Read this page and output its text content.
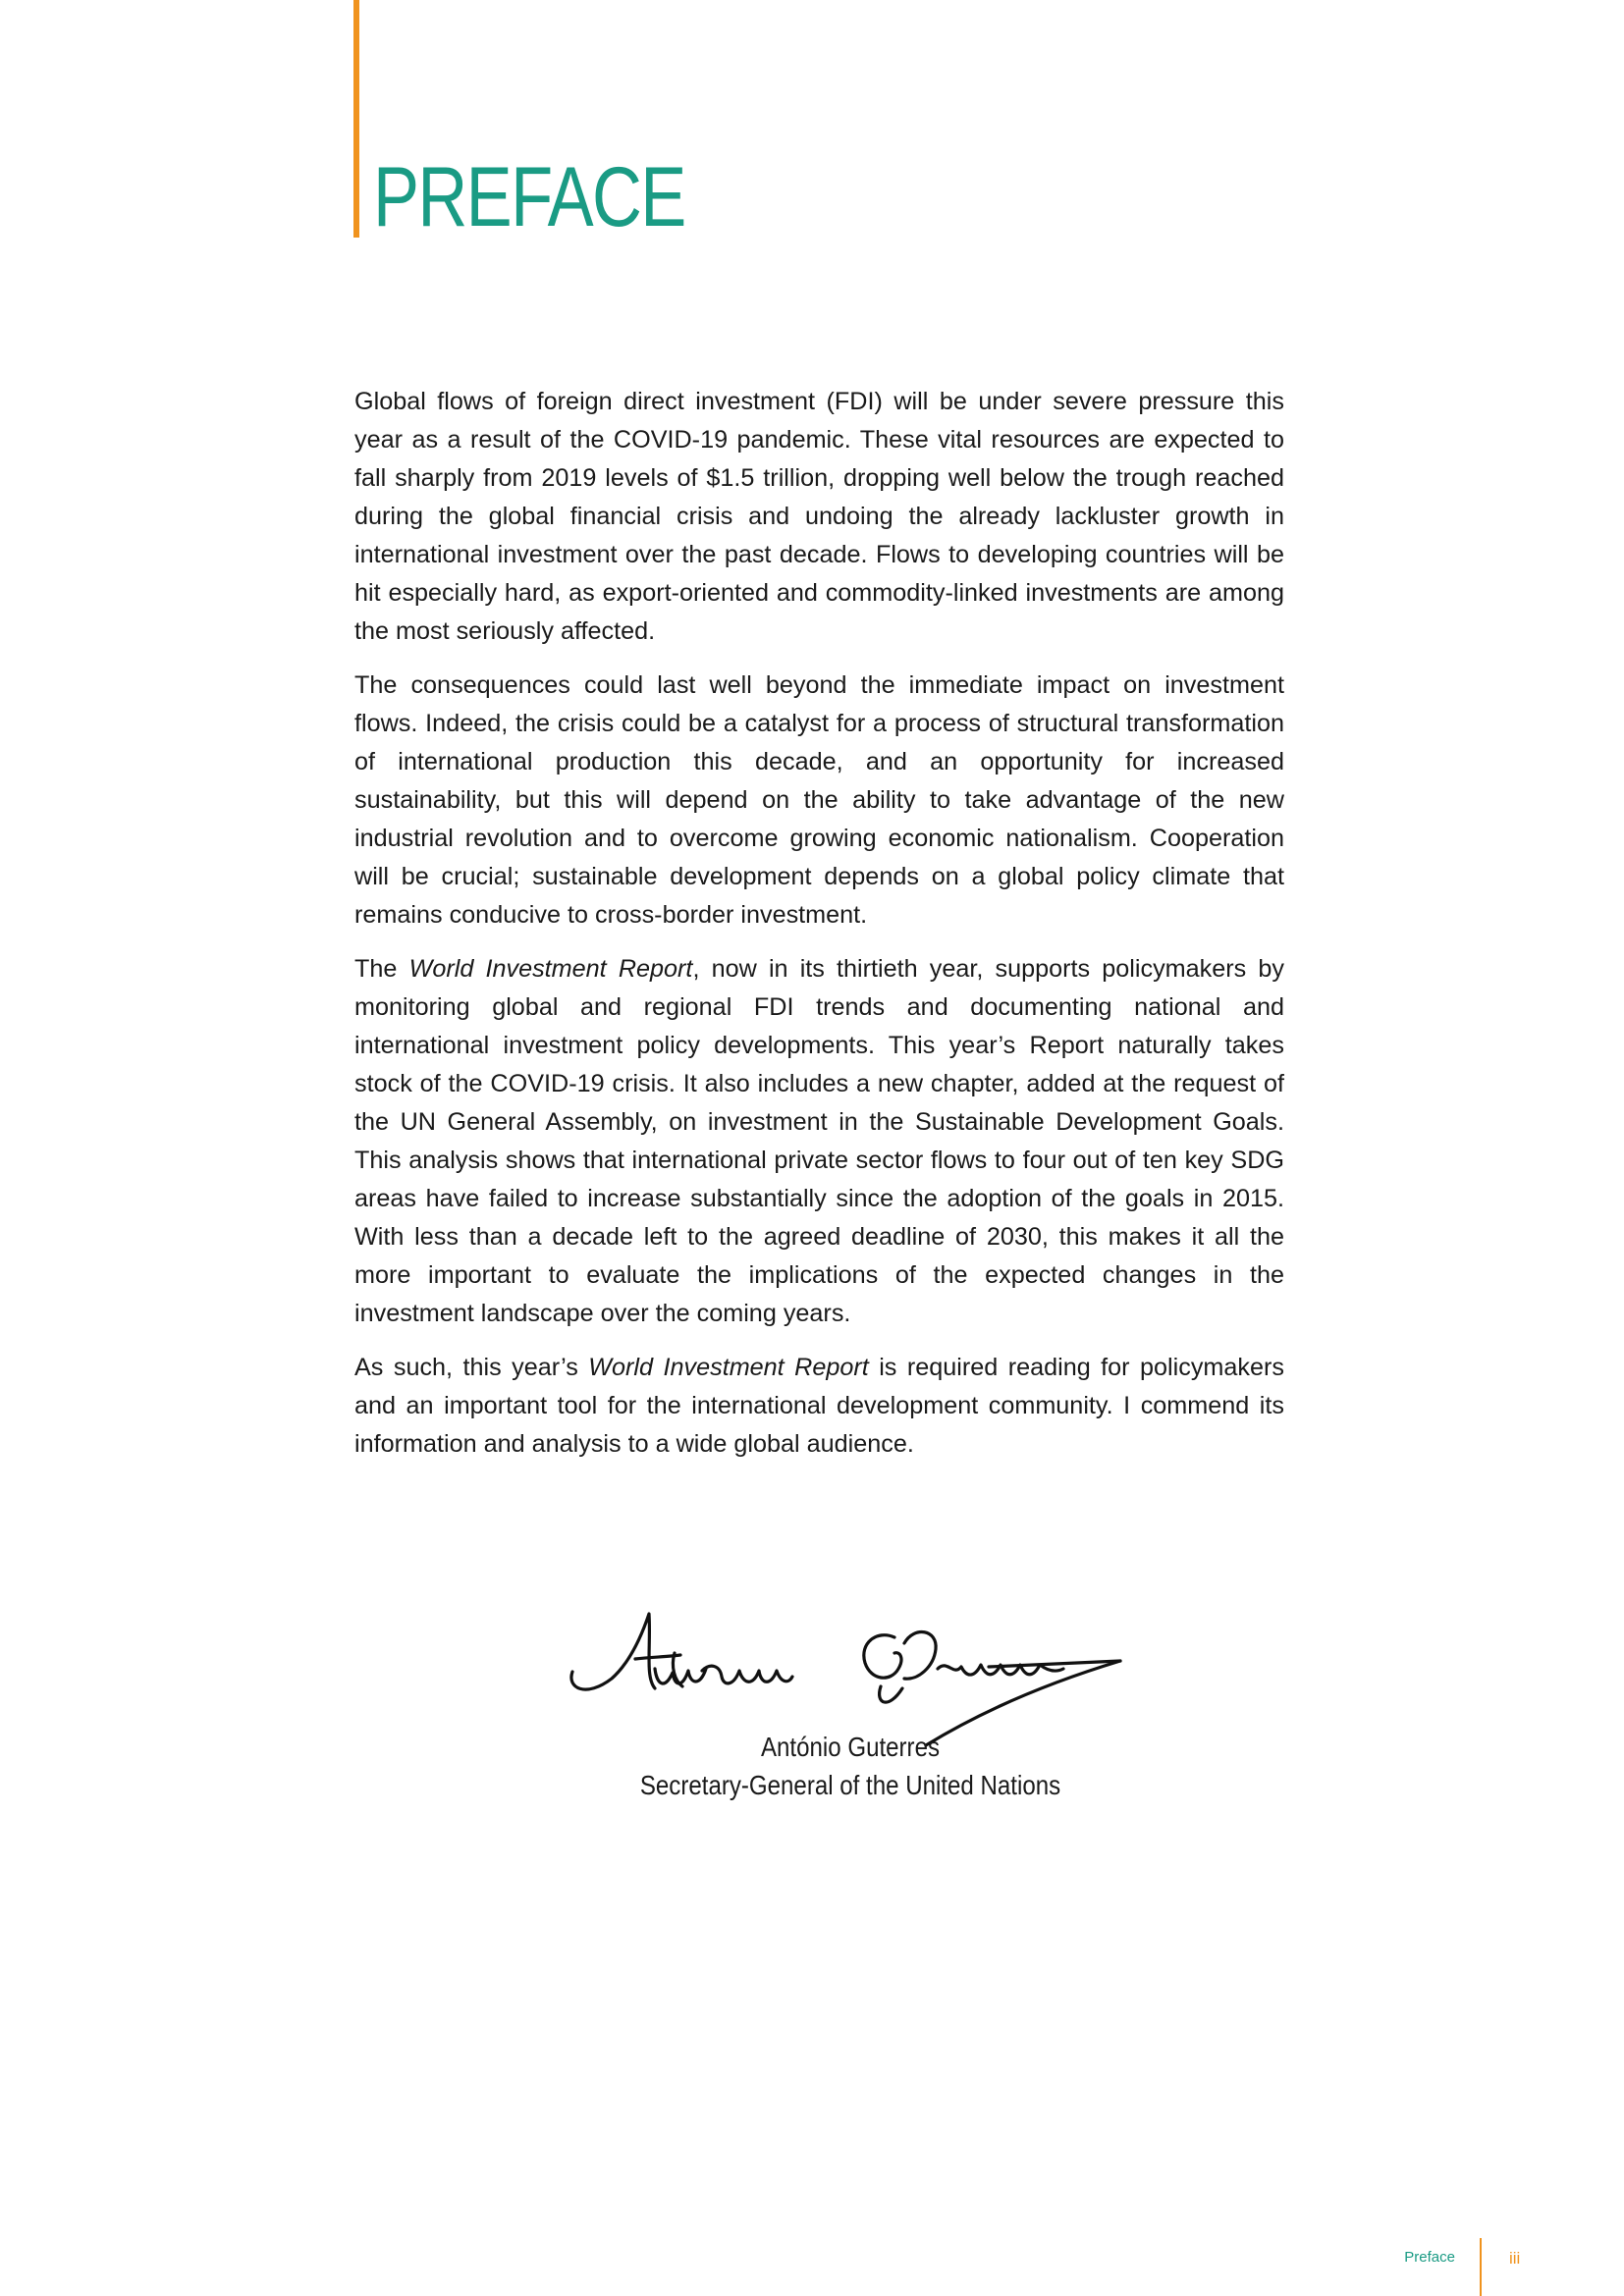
PREFACE

Global flows of foreign direct investment (FDI) will be under severe pressure this year as a result of the COVID-19 pandemic. These vital resources are expected to fall sharply from 2019 levels of $1.5 trillion, dropping well below the trough reached during the global financial crisis and undoing the already lackluster growth in international investment over the past decade. Flows to developing countries will be hit especially hard, as export-oriented and commodity-linked investments are among the most seriously affected.

The consequences could last well beyond the immediate impact on investment flows. Indeed, the crisis could be a catalyst for a process of structural transformation of international production this decade, and an opportunity for increased sustainability, but this will depend on the ability to take advantage of the new industrial revolution and to overcome growing economic nationalism. Cooperation will be crucial; sustainable development depends on a global policy climate that remains conducive to cross-border investment.

The World Investment Report, now in its thirtieth year, supports policymakers by monitoring global and regional FDI trends and documenting national and international investment policy developments. This year’s Report naturally takes stock of the COVID-19 crisis. It also includes a new chapter, added at the request of the UN General Assembly, on investment in the Sustainable Development Goals. This analysis shows that international private sector flows to four out of ten key SDG areas have failed to increase substantially since the adoption of the goals in 2015. With less than a decade left to the agreed deadline of 2030, this makes it all the more important to evaluate the implications of the expected changes in the investment landscape over the coming years.

As such, this year’s World Investment Report is required reading for policymakers and an important tool for the international development community. I commend its information and analysis to a wide global audience.

António Guterres
Secretary-General of the United Nations
Preface	iii
